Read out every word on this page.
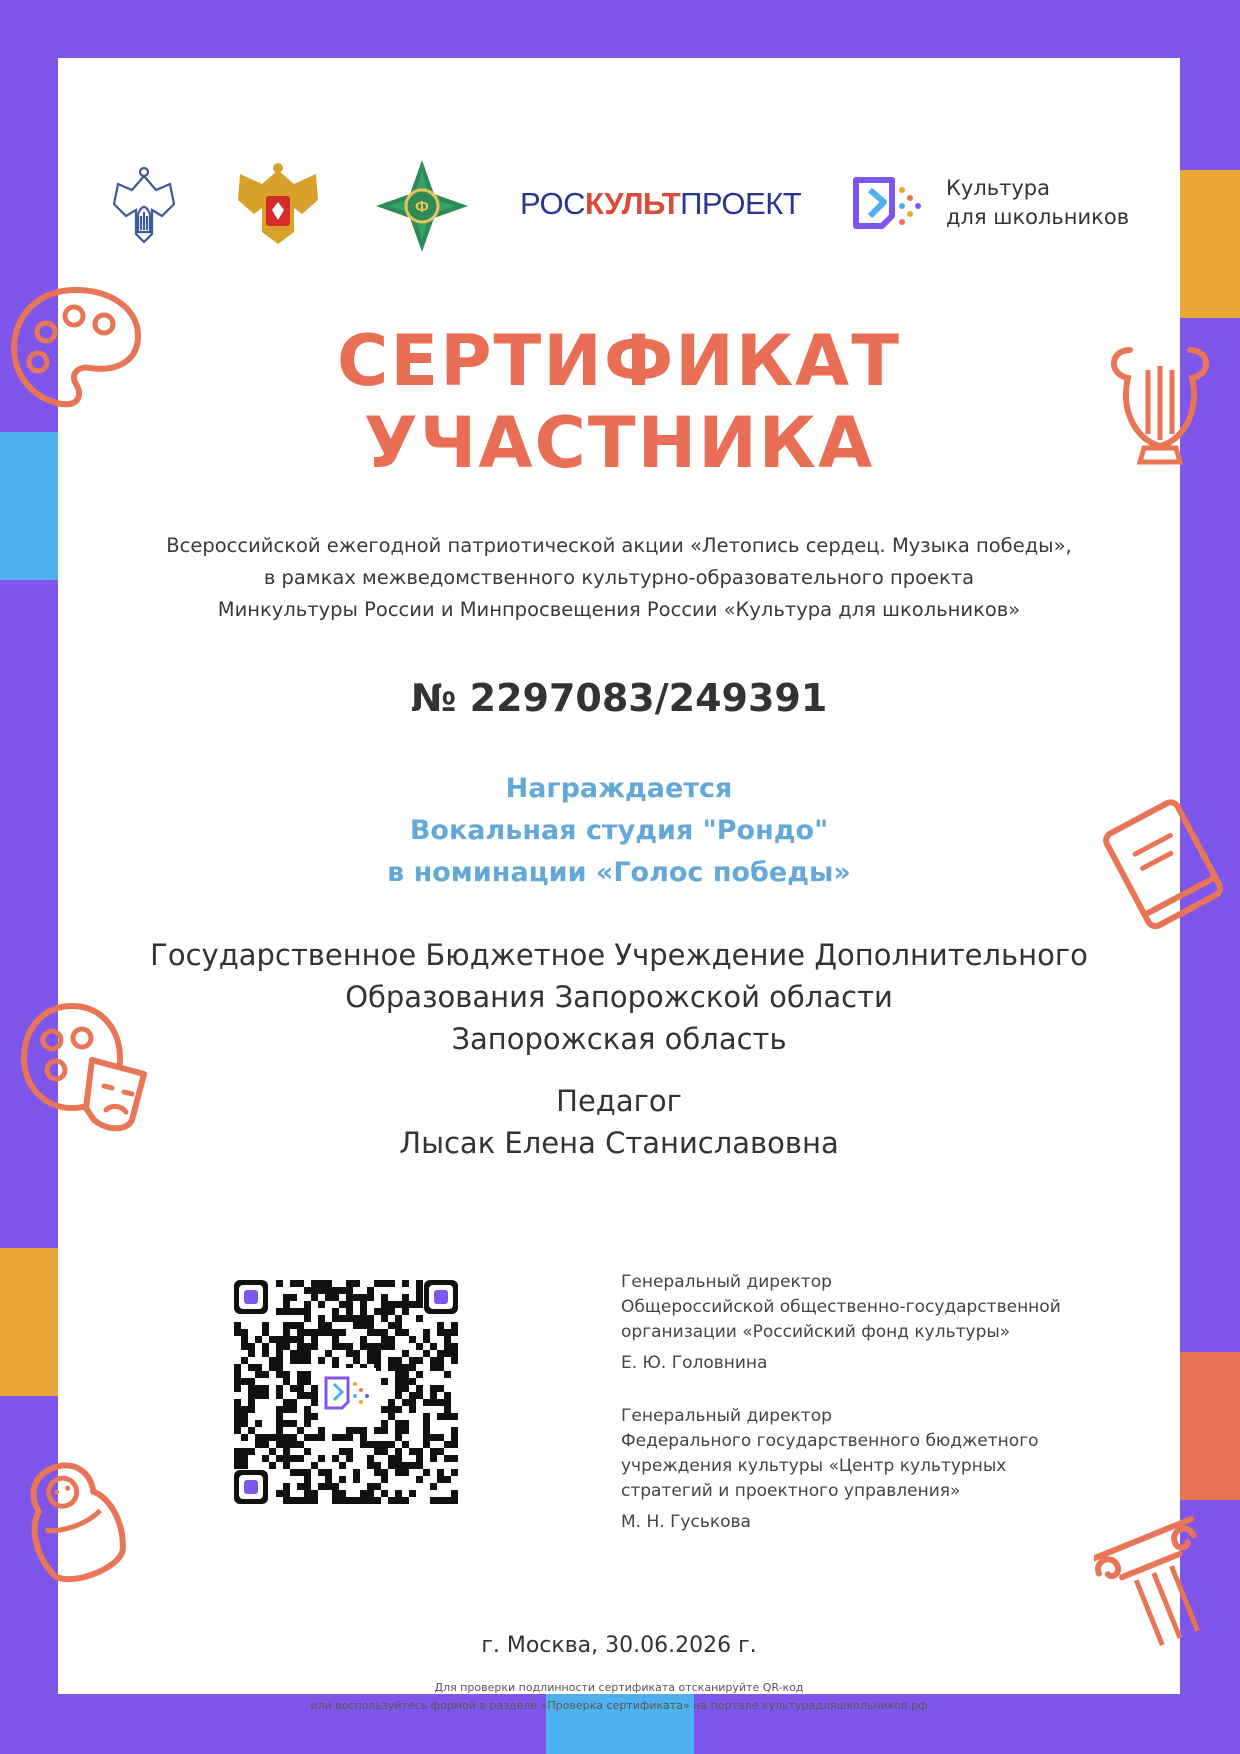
Ф	РОСКУЛЬТПРОЕКТ	Культура
для школьников
СЕРТИФИКАТ
УЧАСТНИКА
Всероссийской ежегодной патриотической акции «Летопись сердец. Музыка победы»,
в рамках межведомственного культурно-образовательного проекта
Минкультуры России и Минпросвещения России «Культура для школьников»
№ 2297083/249391
Награждается
Вокальная студия "Рондо"
в номинации «Голос победы»
Государственное Бюджетное Учреждение Дополнительного
Образования Запорожской области
Запорожская область
Педагог
Лысак Елена Станиславовна
Генеральный директор
Общероссийской общественно-государственной
организации «Российский фонд культуры»
Е. Ю. Головнина
Генеральный директор
Федерального государственного бюджетного
учреждения культуры «Центр культурных
стратегий и проектного управления»
М. Н. Гуськова
г. Москва, 30.06.2026 г.
Для проверки подлинности сертификата отсканируйте QR-код
или воспользуйтесь формой в разделе «Проверка сертификата» на портале культурадляшкольников.рф
